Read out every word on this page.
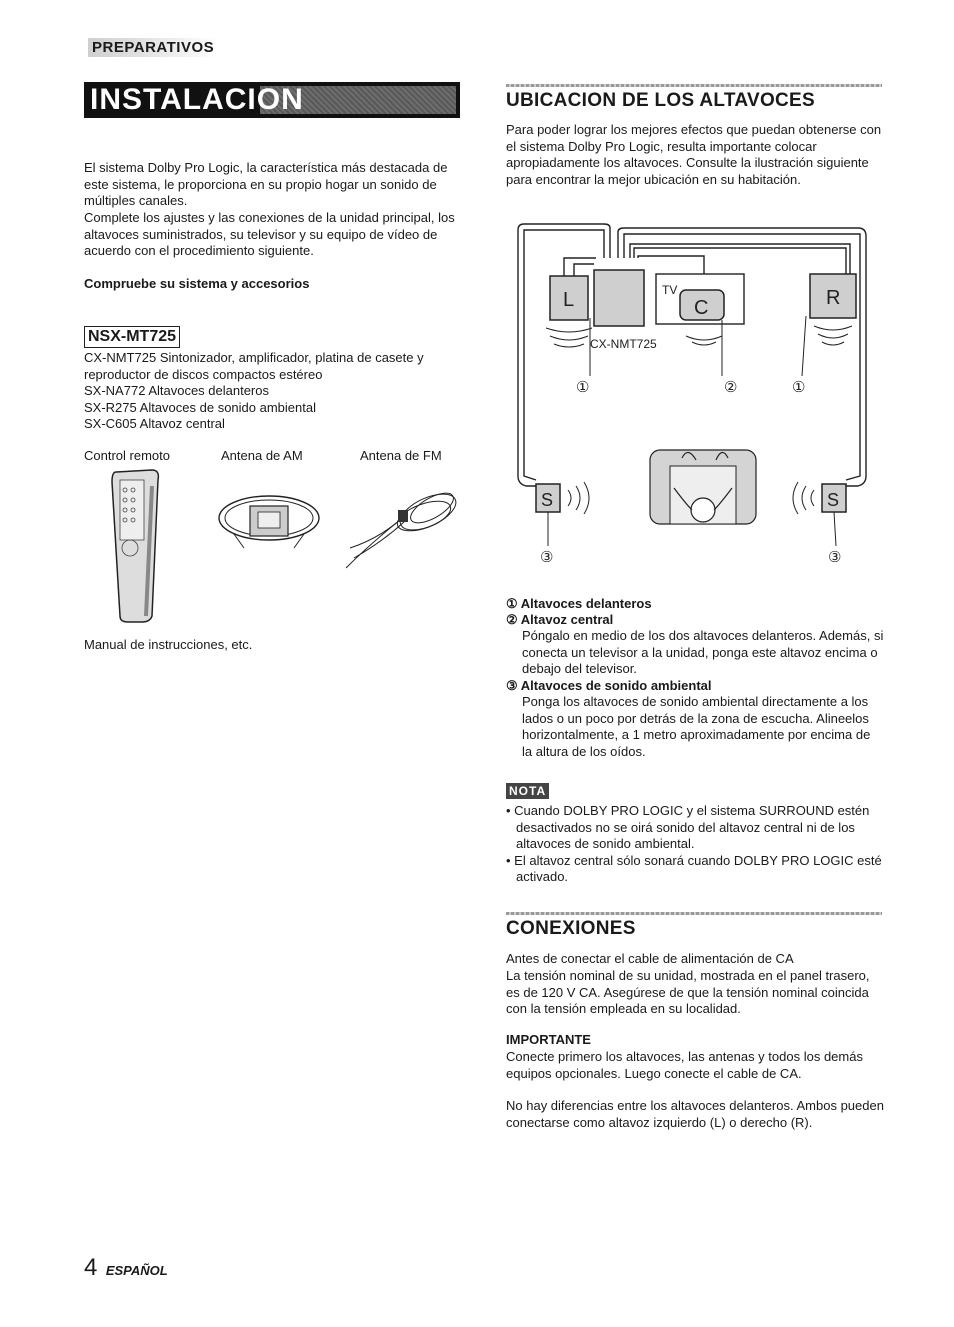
PREPARATIVOS
INSTALACION
El sistema Dolby Pro Logic, la característica más destacada de este sistema, le proporciona en su propio hogar un sonido de múltiples canales.
Complete los ajustes y las conexiones de la unidad principal, los altavoces suministrados, su televisor y su equipo de vídeo de acuerdo con el procedimiento siguiente.
Compruebe su sistema y accesorios
NSX-MT725
CX-NMT725 Sintonizador, amplificador, platina de casete y reproductor de discos compactos estéreo
SX-NA772 Altavoces delanteros
SX-R275 Altavoces de sonido ambiental
SX-C605 Altavoz central
Control remoto	Antena de AM	Antena de FM
Manual de instrucciones, etc.
UBICACION DE LOS ALTAVOCES
Para poder lograr los mejores efectos que puedan obtenerse con el sistema Dolby Pro Logic, resulta importante colocar apropiadamente los altavoces. Consulte la ilustración siguiente para encontrar la mejor ubicación en su habitación.
L	TV
C
CX-NMT725
R
①	②	①
S
③
S
③
① Altavoces delanteros
② Altavoz central
Póngalo en medio de los dos altavoces delanteros. Además, si conecta un televisor a la unidad, ponga este altavoz encima o debajo del televisor.
③ Altavoces de sonido ambiental
Ponga los altavoces de sonido ambiental directamente a los lados o un poco por detrás de la zona de escucha. Alineelos horizontalmente, a 1 metro aproximadamente por encima de la altura de los oídos.
NOTA
• Cuando DOLBY PRO LOGIC y el sistema SURROUND estén desactivados no se oirá sonido del altavoz central ni de los altavoces de sonido ambiental.
• El altavoz central sólo sonará cuando DOLBY PRO LOGIC esté activado.
CONEXIONES
Antes de conectar el cable de alimentación de CA
La tensión nominal de su unidad, mostrada en el panel trasero, es de 120 V CA. Asegúrese de que la tensión nominal coincida con la tensión empleada en su localidad.
IMPORTANTE
Conecte primero los altavoces, las antenas y todos los demás equipos opcionales. Luego conecte el cable de CA.
No hay diferencias entre los altavoces delanteros. Ambos pueden conectarse como altavoz izquierdo (L) o derecho (R).
4 ESPAÑOL
